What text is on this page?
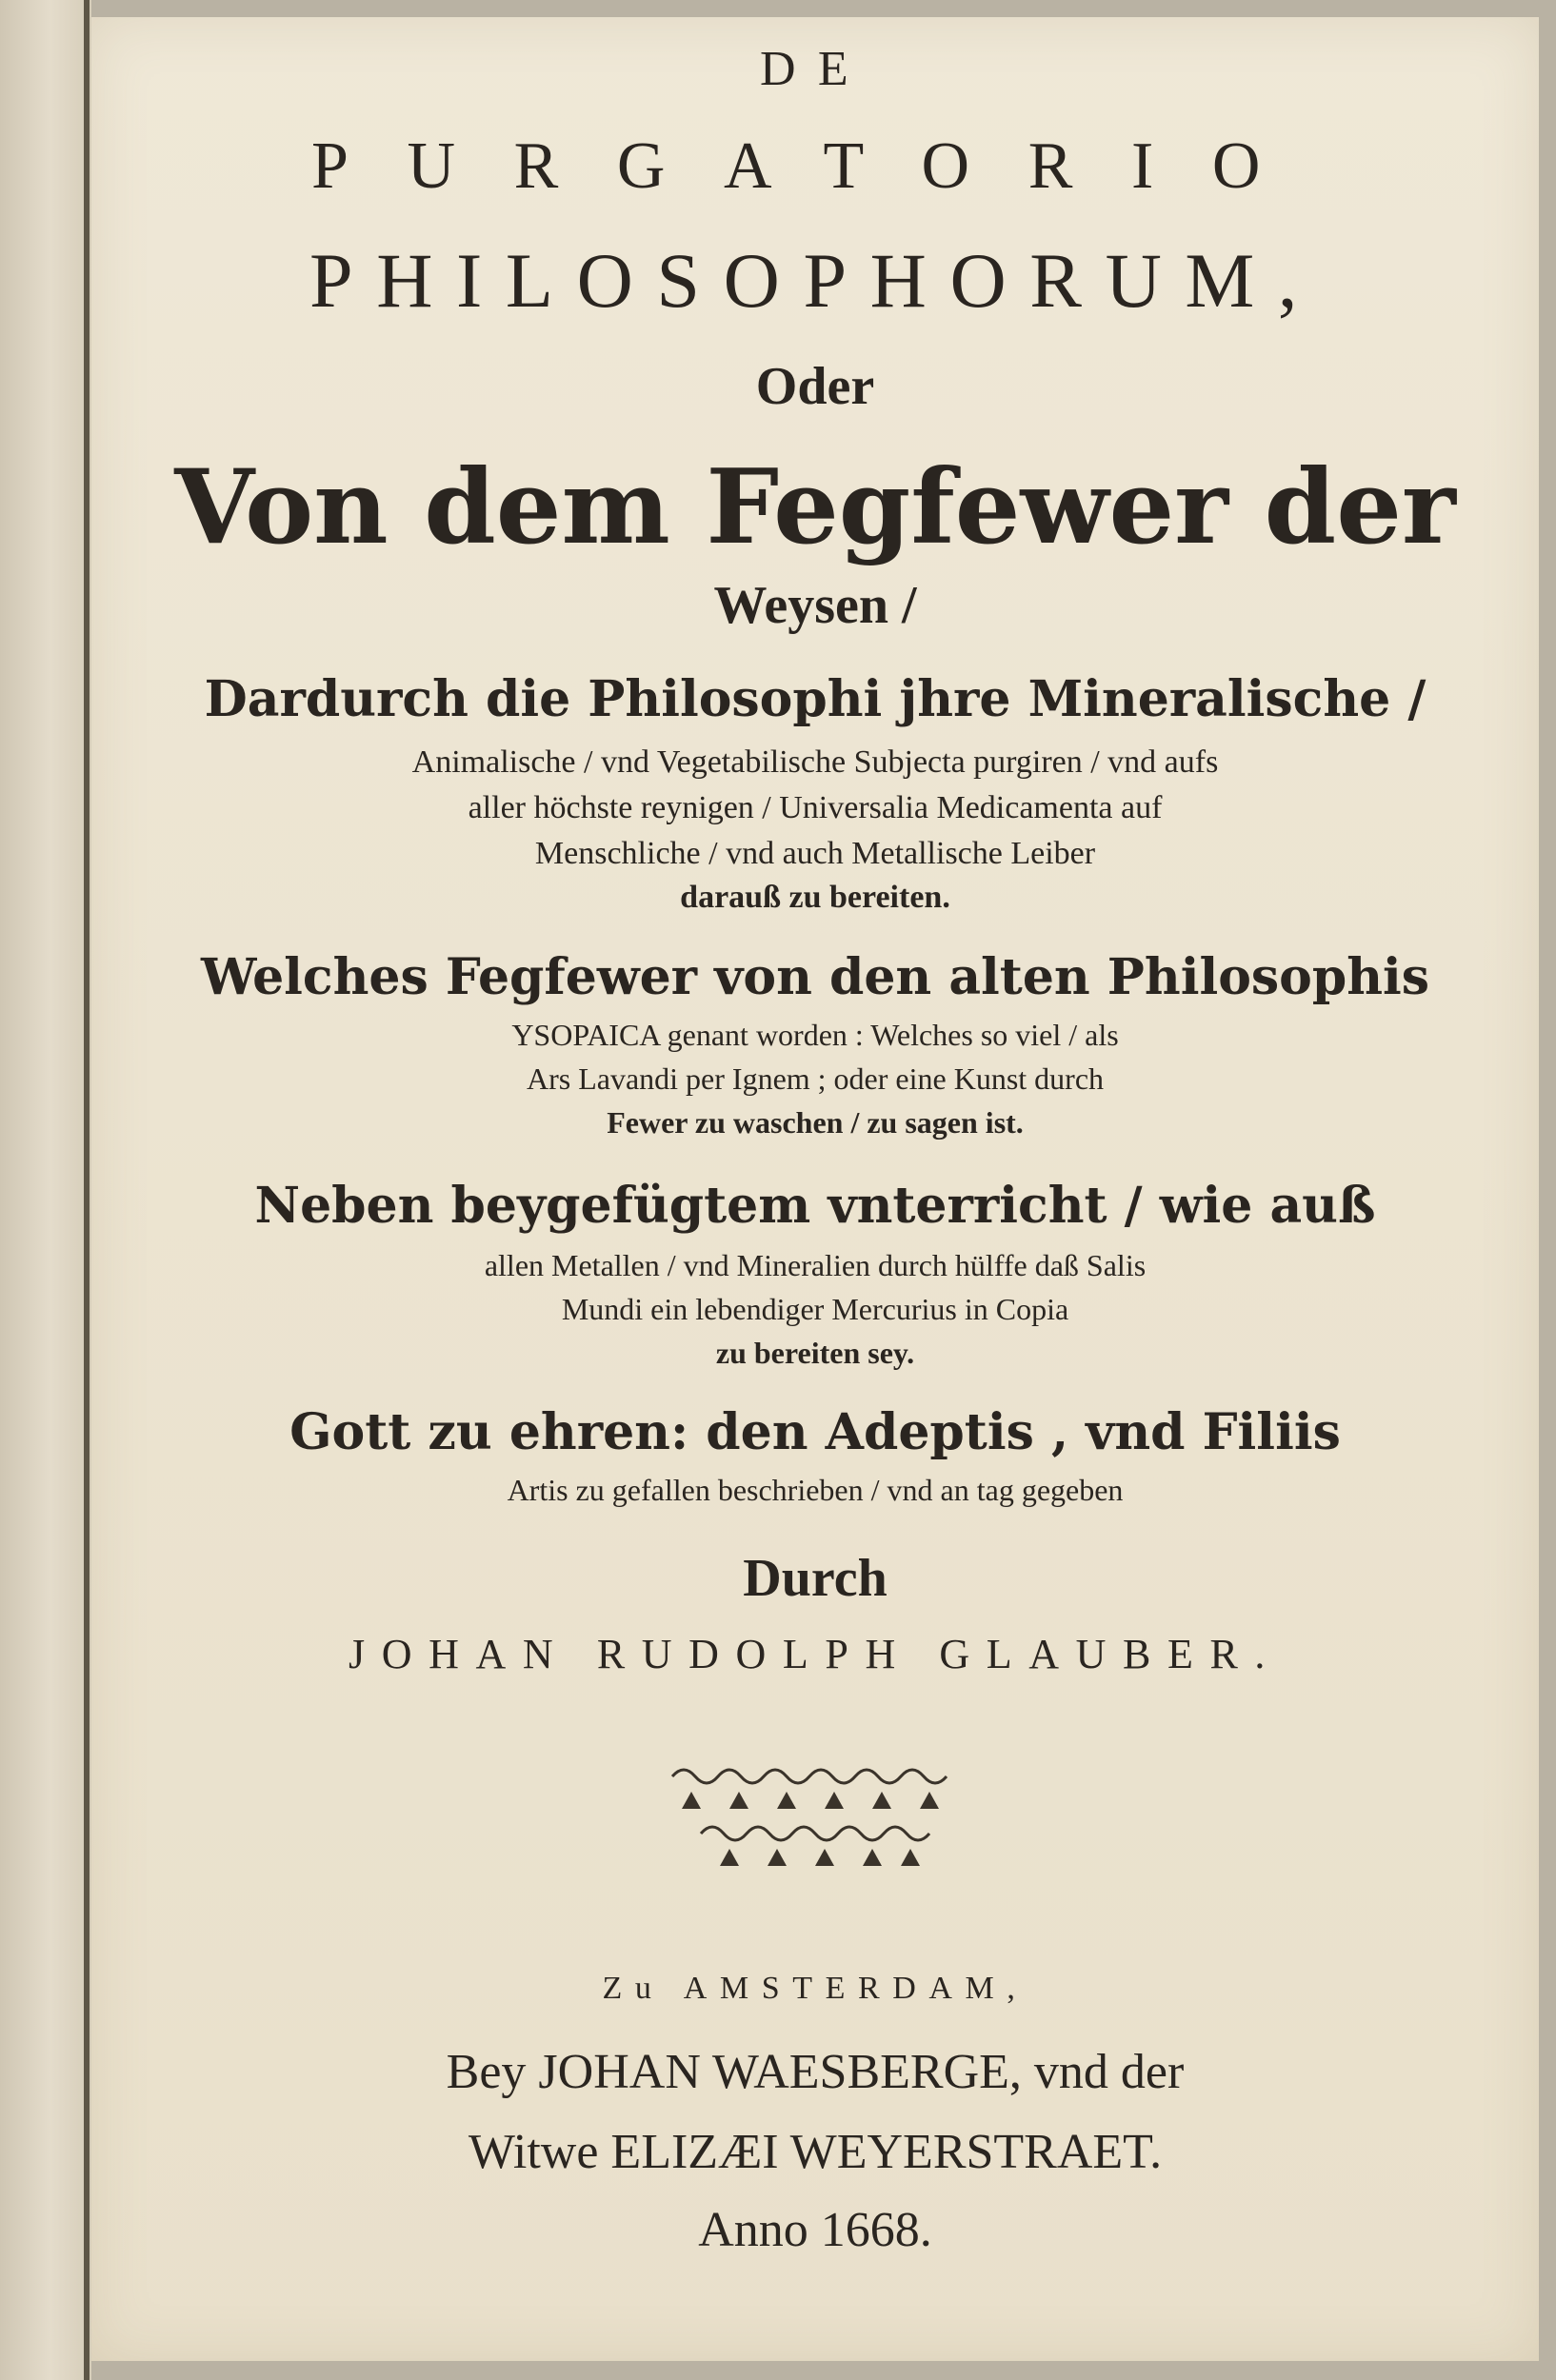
DE

PURGATORIO

PHILOSOPHORUM,

Oder

Von dem Fegfewer der

Weysen /

Dardurch die Philosophi jhre Mineralische /

Animalische / vnd Vegetabilische Subjecta purgiren / vnd aufs

aller höchste reynigen / Universalia Medicamenta auf

Menschliche / vnd auch Metallische Leiber

darauß zu bereiten.

Welches Fegfewer von den alten Philosophis

YSOPAICA genant worden : Welches so viel / als

Ars Lavandi per Ignem ; oder eine Kunst durch

Fewer zu waschen / zu sagen ist.

Neben beygefügtem vnterricht / wie auß

allen Metallen / vnd Mineralien durch hülffe daß Salis

Mundi ein lebendiger Mercurius in Copia

zu bereiten sey.

Gott zu ehren: den Adeptis , vnd Filiis

Artis zu gefallen beschrieben / vnd an tag gegeben

Durch

JOHAN RUDOLPH GLAUBER.

Zu AMSTERDAM,

Bey JOHAN WAESBERGE, vnd der

Witwe ELIZÆI WEYERSTRAET.

Anno 1668.
